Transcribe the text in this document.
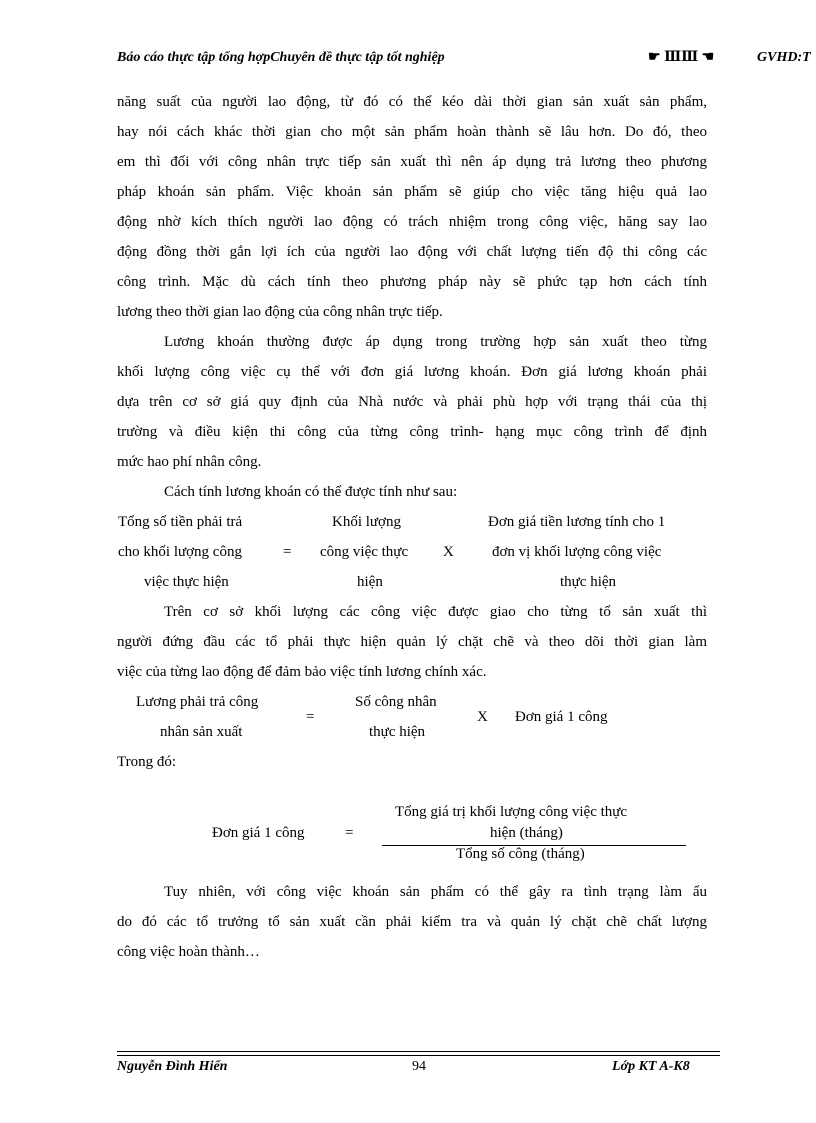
Báo cáo thực tập tổng hợpChuyên đề thực tập tốt nghiệp	☛ ⅢⅢ ☚	GVHD:T
năng suất của người lao động, từ đó có thể kéo dài thời gian sản xuất sản phẩm,
hay nói cách khác thời gian cho một sản phẩm hoàn thành sẽ lâu hơn. Do đó, theo
em thì đối với công nhân trực tiếp sản xuất thì nên áp dụng trả lương theo phương
pháp khoán sản phẩm. Việc khoản sản phẩm sẽ giúp cho việc tăng hiệu quả lao
động nhờ kích thích người lao động có trách nhiệm trong công việc, hăng say lao
động đồng thời gắn lợi ích của người lao động với chất lượng tiến độ thi công các
công trình. Mặc dù cách tính theo phương pháp này sẽ phức tạp hơn cách tính
lương theo thời gian lao động của công nhân trực tiếp.
Lương khoán thường được áp dụng trong trường hợp sản xuất theo từng
khối lượng công việc cụ thể với đơn giá lương khoán. Đơn giá lương khoán phải
dựa trên cơ sở giá quy định của Nhà nước và phải phù hợp với trạng thái của thị
trường và điều kiện thi công của từng công trình- hạng mục công trình để định
mức hao phí nhân công.
Cách tính lương khoán có thể được tính như sau:
Tổng số tiền phải trả
cho khối lượng công
việc thực hiện
=
Khối lượng
công việc thực
hiện
X
Đơn giá tiền lương tính cho 1
đơn vị khối lượng công việc
thực hiện
Trên cơ sở khối lượng các công việc được giao cho từng tổ sản xuất thì
người đứng đầu các tổ phải thực hiện quản lý chặt chẽ và theo dõi thời gian làm
việc của từng lao động để đảm bảo việc tính lương chính xác.
Lương phải trả công
nhân sản xuất
=
Số công nhân
thực hiện
X Đơn giá 1 công
Trong đó:
Đơn giá 1 công	=
Tổng giá trị khối lượng công việc thực
hiện (tháng)
Tổng số công (tháng)
Tuy nhiên, với công việc khoán sản phẩm có thể gây ra tình trạng làm ẩu
do đó các tổ trưởng tổ sản xuất cần phải kiểm tra và quản lý chặt chẽ chất lượng
công việc hoàn thành…
Nguyễn Đình Hiển	94	Lớp KT A-K8
